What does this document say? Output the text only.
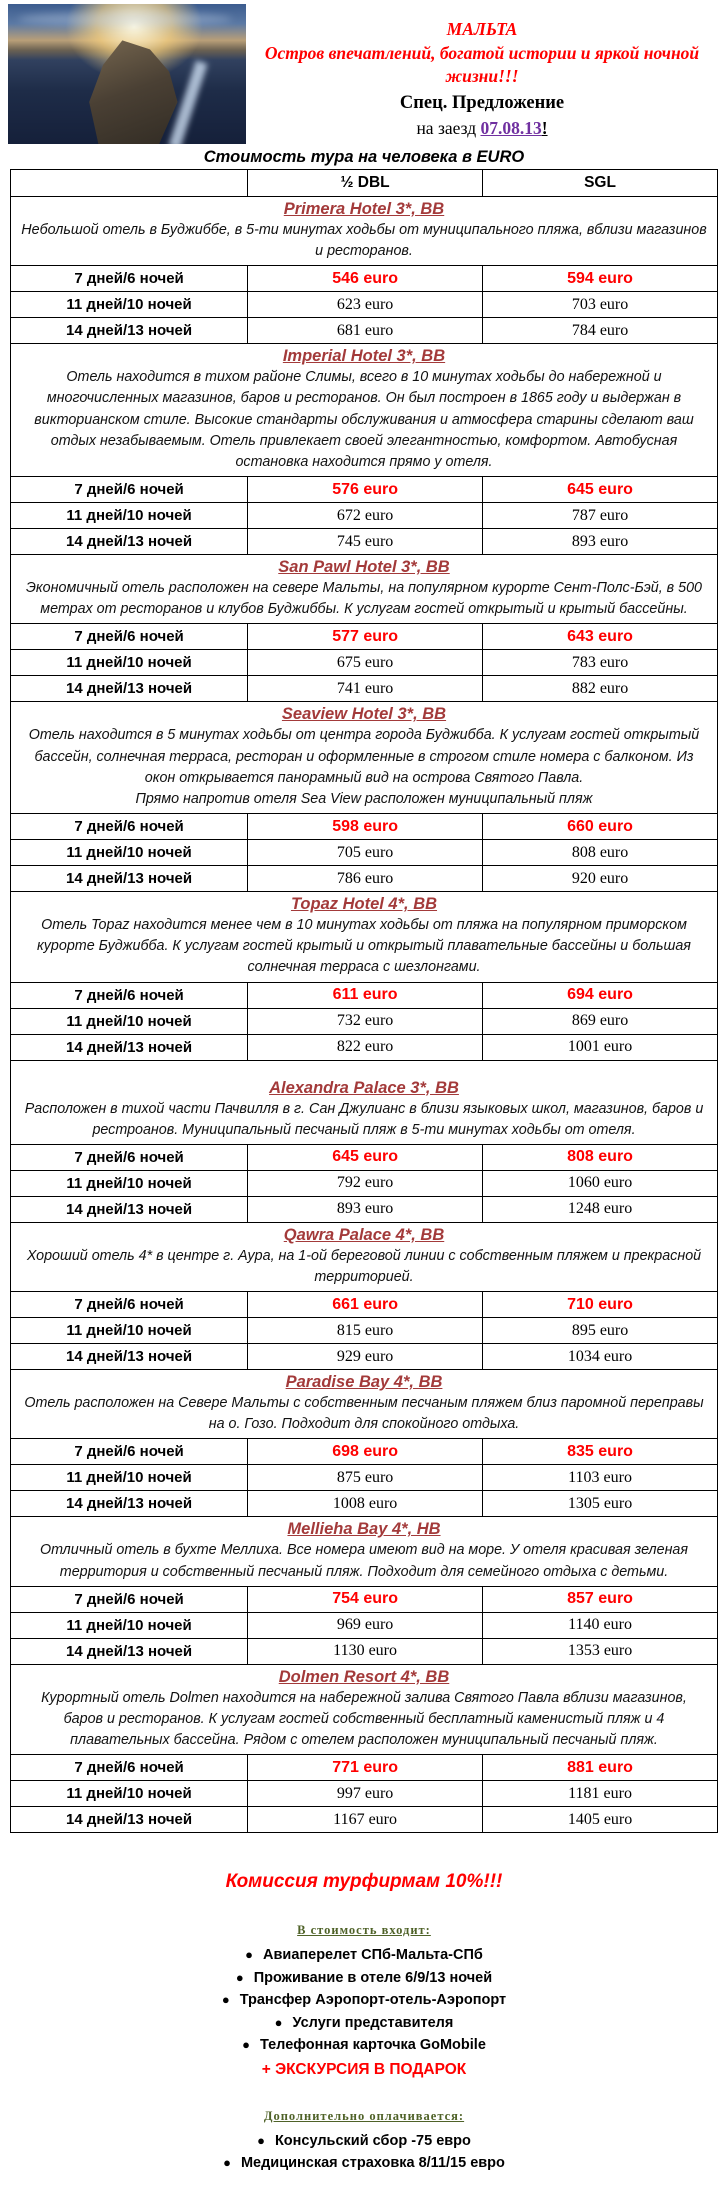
МАЛЬТА
Остров впечатлений, богатой истории и яркой ночной жизни!!!
Спец. Предложение
на заезд 07.08.13!
Стоимость тура на человека в EURO
	½ DBL	SGL

Primera Hotel 3*, BB
Небольшой отель в Буджиббе, в 5-ти минутах ходьбы от муниципального пляжа, вблизи магазинов и ресторанов.		

7 дней/6 ночей	546 euro	594 euro
11 дней/10 ночей	623 euro	703 euro
14 дней/13 ночей	681 euro	784 euro

Imperial Hotel 3*, BB
Отель находится в тихом районе Слимы, всего в 10 минутах ходьбы до набережной и многочисленных магазинов, баров и ресторанов. Он был построен в 1865 году и выдержан в викторианском стиле. Высокие стандарты обслуживания и атмосфера старины сделают ваш отдых незабываемым. Отель привлекает своей элегантностью, комфортом. Автобусная остановка находится прямо у отеля.		

7 дней/6 ночей	576 euro	645 euro
11 дней/10 ночей	672 euro	787 euro
14 дней/13 ночей	745 euro	893 euro

San Pawl Hotel 3*, BB
Экономичный отель расположен на севере Мальты, на популярном курорте Сент-Полс-Бэй, в 500 метрах от ресторанов и клубов Буджиббы. К услугам гостей открытый и крытый бассейны.		

7 дней/6 ночей	577 euro	643 euro
11 дней/10 ночей	675 euro	783 euro
14 дней/13 ночей	741 euro	882 euro

Seaview Hotel 3*, BB
Отель находится в 5 минутах ходьбы от центра города Буджибба. К услугам гостей открытый бассейн, солнечная терраса, ресторан и оформленные в строгом стиле номера с балконом. Из окон открывается панорамный вид на острова Святого Павла.
Прямо напротив отеля Sea View расположен муниципальный пляж		

7 дней/6 ночей	598 euro	660 euro
11 дней/10 ночей	705 euro	808 euro
14 дней/13 ночей	786 euro	920 euro

Topaz Hotel 4*, BB
Отель Topaz находится менее чем в 10 минутах ходьбы от пляжа на популярном приморском курорте Буджибба. К услугам гостей крытый и открытый плавательные бассейны и большая солнечная терраса с шезлонгами.		

7 дней/6 ночей	611 euro	694 euro
11 дней/10 ночей	732 euro	869 euro
14 дней/13 ночей	822 euro	1001 euro

Alexandra Palace 3*, BB
Расположен в тихой части Пачвилля в г. Сан Джулианс в близи языковых школ, магазинов, баров и рестроанов. Муниципальный песчаный пляж в 5-ти минутах ходьбы от отеля.		

7 дней/6 ночей	645 euro	808 euro
11 дней/10 ночей	792 euro	1060 euro
14 дней/13 ночей	893 euro	1248 euro

Qawra Palace 4*, BB
Хороший отель 4* в центре г. Аура, на 1-ой береговой линии с собственным пляжем и прекрасной территорией.		

7 дней/6 ночей	661 euro	710 euro
11 дней/10 ночей	815 euro	895 euro
14 дней/13 ночей	929 euro	1034 euro

Paradise Bay 4*, BB
Отель расположен на Севере Мальты с собственным песчаным пляжем близ паромной переправы на о. Гозо. Подходит для спокойного отдыха.		

7 дней/6 ночей	698 euro	835 euro
11 дней/10 ночей	875 euro	1103 euro
14 дней/13 ночей	1008 euro	1305 euro

Mellieha Bay 4*, HB
Отличный отель в бухте Меллиха. Все номера имеют вид на море. У отеля красивая зеленая территория и собственный песчаный пляж. Подходит для семейного отдыха с детьми.		

7 дней/6 ночей	754 euro	857 euro
11 дней/10 ночей	969 euro	1140 euro
14 дней/13 ночей	1130 euro	1353 euro

Dolmen Resort 4*, BB
Курортный отель Dolmen находится на набережной залива Святого Павла вблизи магазинов, баров и ресторанов. К услугам гостей собственный бесплатный каменистый пляж и 4 плавательных бассейна. Рядом с отелем расположен муниципальный песчаный пляж.		

7 дней/6 ночей	771 euro	881 euro
11 дней/10 ночей	997 euro	1181 euro
14 дней/13 ночей	1167 euro	1405 euro
Комиссия турфирмам 10%!!!
В стоимость входит:
● Авиаперелет СПб-Мальта-СПб
● Проживание в отеле 6/9/13 ночей
● Трансфер Аэропорт-отель-Аэропорт
● Услуги представителя
● Телефонная карточка GoMobile
+ ЭКСКУРСИЯ В ПОДАРОК
Дополнительно оплачивается:
● Консульский сбор -75 евро
● Медицинская страховка 8/11/15 евро
